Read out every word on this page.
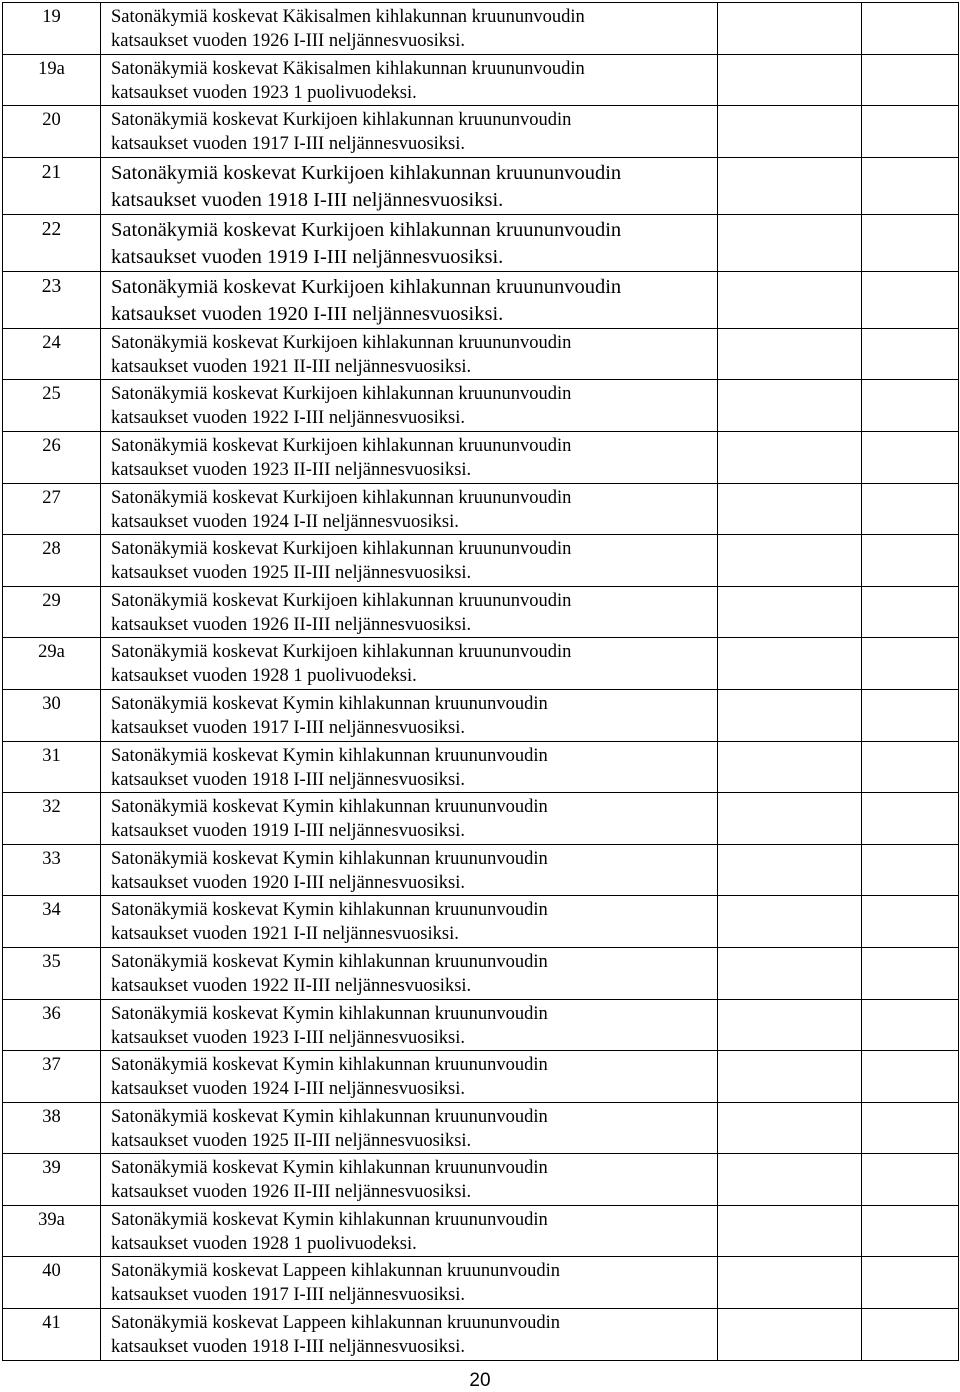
19	Satonäkymiä koskevat Käkisalmen kihlakunnan kruununvoudin
katsaukset vuoden 1926 I-III neljännesvuosiksi.		

19a	Satonäkymiä koskevat Käkisalmen kihlakunnan kruununvoudin
katsaukset vuoden 1923 1 puolivuodeksi.		

20	Satonäkymiä koskevat Kurkijoen kihlakunnan kruununvoudin
katsaukset vuoden 1917 I-III neljännesvuosiksi.		

21	Satonäkymiä koskevat Kurkijoen kihlakunnan kruununvoudin
katsaukset vuoden 1918 I-III neljännesvuosiksi.		

22	Satonäkymiä koskevat Kurkijoen kihlakunnan kruununvoudin
katsaukset vuoden 1919 I-III neljännesvuosiksi.		

23	Satonäkymiä koskevat Kurkijoen kihlakunnan kruununvoudin
katsaukset vuoden 1920 I-III neljännesvuosiksi.		

24	Satonäkymiä koskevat Kurkijoen kihlakunnan kruununvoudin
katsaukset vuoden 1921 II-III neljännesvuosiksi.		

25	Satonäkymiä koskevat Kurkijoen kihlakunnan kruununvoudin
katsaukset vuoden 1922 I-III neljännesvuosiksi.		

26	Satonäkymiä koskevat Kurkijoen kihlakunnan kruununvoudin
katsaukset vuoden 1923 II-III neljännesvuosiksi.		

27	Satonäkymiä koskevat Kurkijoen kihlakunnan kruununvoudin
katsaukset vuoden 1924 I-II neljännesvuosiksi.		

28	Satonäkymiä koskevat Kurkijoen kihlakunnan kruununvoudin
katsaukset vuoden 1925 II-III neljännesvuosiksi.		

29	Satonäkymiä koskevat Kurkijoen kihlakunnan kruununvoudin
katsaukset vuoden 1926 II-III neljännesvuosiksi.		

29a	Satonäkymiä koskevat Kurkijoen kihlakunnan kruununvoudin
katsaukset vuoden 1928 1 puolivuodeksi.		

30	Satonäkymiä koskevat Kymin kihlakunnan kruununvoudin
katsaukset vuoden 1917 I-III neljännesvuosiksi.		

31	Satonäkymiä koskevat Kymin kihlakunnan kruununvoudin
katsaukset vuoden 1918 I-III neljännesvuosiksi.		

32	Satonäkymiä koskevat Kymin kihlakunnan kruununvoudin
katsaukset vuoden 1919 I-III neljännesvuosiksi.		

33	Satonäkymiä koskevat Kymin kihlakunnan kruununvoudin
katsaukset vuoden 1920 I-III neljännesvuosiksi.		

34	Satonäkymiä koskevat Kymin kihlakunnan kruununvoudin
katsaukset vuoden 1921 I-II neljännesvuosiksi.		

35	Satonäkymiä koskevat Kymin kihlakunnan kruununvoudin
katsaukset vuoden 1922 II-III neljännesvuosiksi.		

36	Satonäkymiä koskevat Kymin kihlakunnan kruununvoudin
katsaukset vuoden 1923 I-III neljännesvuosiksi.		

37	Satonäkymiä koskevat Kymin kihlakunnan kruununvoudin
katsaukset vuoden 1924 I-III neljännesvuosiksi.		

38	Satonäkymiä koskevat Kymin kihlakunnan kruununvoudin
katsaukset vuoden 1925 II-III neljännesvuosiksi.		

39	Satonäkymiä koskevat Kymin kihlakunnan kruununvoudin
katsaukset vuoden 1926 II-III neljännesvuosiksi.		

39a	Satonäkymiä koskevat Kymin kihlakunnan kruununvoudin
katsaukset vuoden 1928 1 puolivuodeksi.		

40	Satonäkymiä koskevat Lappeen kihlakunnan kruununvoudin
katsaukset vuoden 1917 I-III neljännesvuosiksi.		

41	Satonäkymiä koskevat Lappeen kihlakunnan kruununvoudin
katsaukset vuoden 1918 I-III neljännesvuosiksi.		

20
